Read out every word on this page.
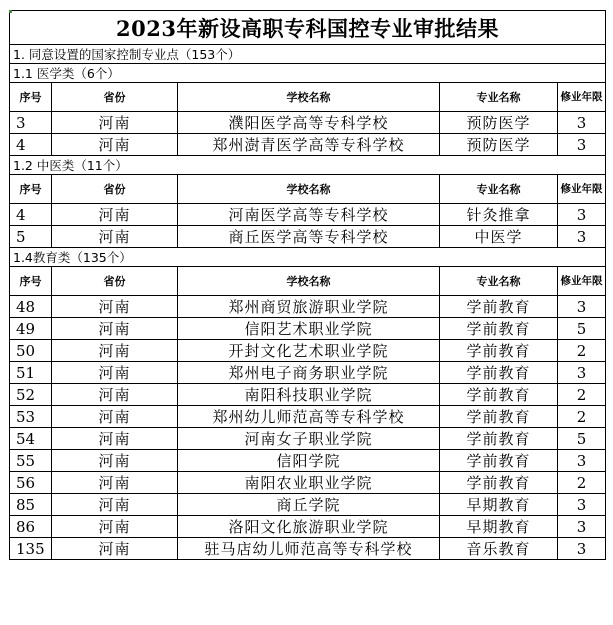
2023年新设高职专科国控专业审批结果				
1. 同意设置的国家控制专业点（153个）				
1.1 医学类（6个）				
序号	省份	学校名称	专业名称	修业年限
3	河南	濮阳医学高等专科学校	预防医学	3
4	河南	郑州澍青医学高等专科学校	预防医学	3
1.2 中医类（11个）				
序号	省份	学校名称	专业名称	修业年限
4	河南	河南医学高等专科学校	针灸推拿	3
5	河南	商丘医学高等专科学校	中医学	3
1.4教育类（135个）				
序号	省份	学校名称	专业名称	修业年限
48	河南	郑州商贸旅游职业学院	学前教育	3
49	河南	信阳艺术职业学院	学前教育	5
50	河南	开封文化艺术职业学院	学前教育	2
51	河南	郑州电子商务职业学院	学前教育	3
52	河南	南阳科技职业学院	学前教育	2
53	河南	郑州幼儿师范高等专科学校	学前教育	2
54	河南	河南女子职业学院	学前教育	5
55	河南	信阳学院	学前教育	3
56	河南	南阳农业职业学院	学前教育	2
85	河南	商丘学院	早期教育	3
86	河南	洛阳文化旅游职业学院	早期教育	3
135	河南	驻马店幼儿师范高等专科学校	音乐教育	3
